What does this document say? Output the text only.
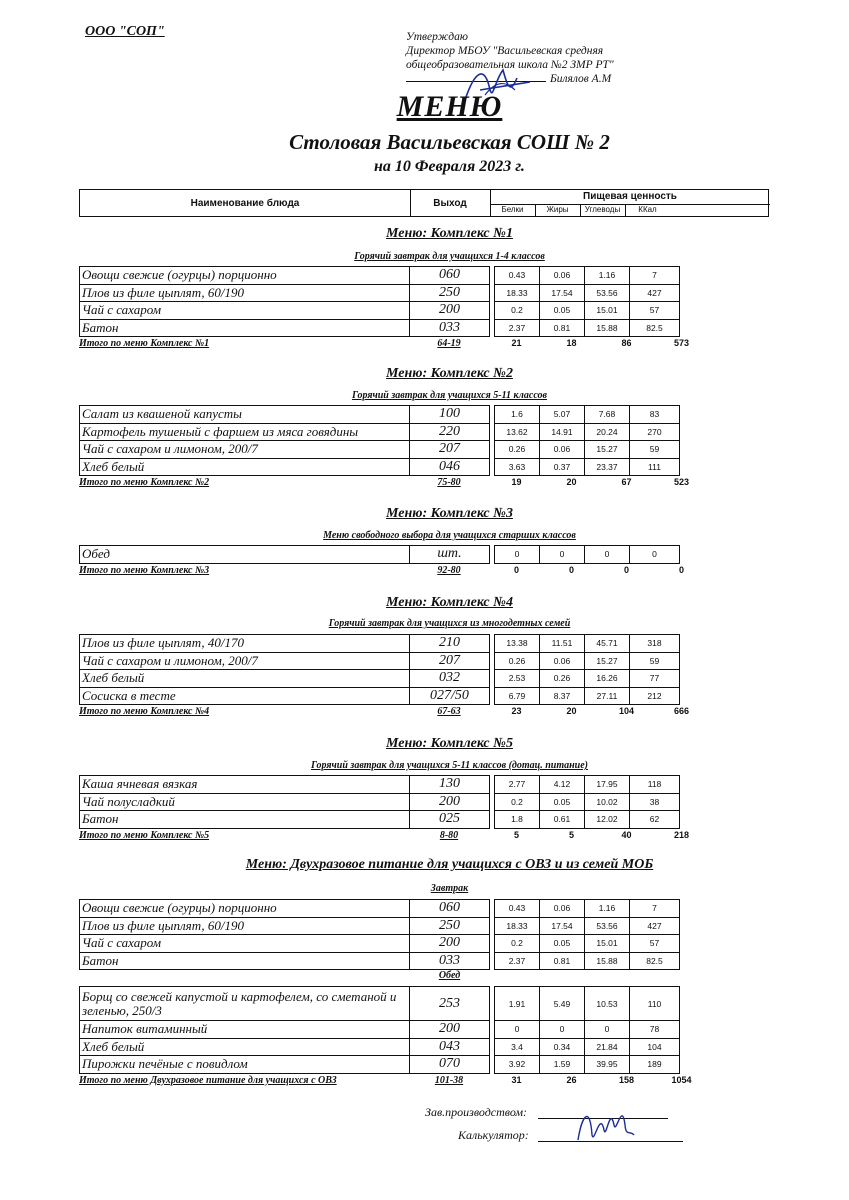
ООО "СОП"	Утверждаю
Директор МБОУ "Васильевская средняя
общеобразовательная школа №2 ЗМР РТ"
Билялов А.М
МЕНЮ
Столовая Васильевская СОШ № 2
на 10 Февраля 2023 г.
Наименование блюда	Выход
Пищевая ценность
Белки	Жиры	Углеводы	ККал
Меню: Комплекс №1
Горячий завтрак для учащихся 1-4 классов
Овощи свежие (огурцы) порционно	060		0.43	0.06	1.16	7
Плов из филе цыплят, 60/190	250		18.33	17.54	53.56	427
Чай с сахаром	200		0.2	0.05	15.01	57
Батон	033		2.37	0.81	15.88	82.5
Итого по меню Комплекс №1	64-19	21	18	86	573
Меню: Комплекс №2
Горячий завтрак для учащихся 5-11 классов
Салат из квашеной капусты	100		1.6	5.07	7.68	83
Картофель тушеный с фаршем из мяса говядины	220		13.62	14.91	20.24	270
Чай с сахаром и лимоном, 200/7	207		0.26	0.06	15.27	59
Хлеб белый	046		3.63	0.37	23.37	111
Итого по меню Комплекс №2	75-80	19	20	67	523
Меню: Комплекс №3
Меню свободного выбора для учащихся старших классов
Обед	шт.		0	0	0	0
Итого по меню Комплекс №3	92-80	0	0	0	0
Меню: Комплекс №4
Горячий завтрак для учащихся из многодетных семей
Плов из филе цыплят, 40/170	210		13.38	11.51	45.71	318
Чай с сахаром и лимоном, 200/7	207		0.26	0.06	15.27	59
Хлеб белый	032		2.53	0.26	16.26	77
Сосиска в тесте	027/50		6.79	8.37	27.11	212
Итого по меню Комплекс №4	67-63	23	20	104	666
Меню: Комплекс №5
Горячий завтрак для учащихся 5-11 классов (дотац. питание)
Каша ячневая вязкая	130		2.77	4.12	17.95	118
Чай полусладкий	200		0.2	0.05	10.02	38
Батон	025		1.8	0.61	12.02	62
Итого по меню Комплекс №5	8-80	5	5	40	218
Меню: Двухразовое питание для учащихся с ОВЗ и из семей МОБ
Завтрак
Овощи свежие (огурцы) порционно	060		0.43	0.06	1.16	7
Плов из филе цыплят, 60/190	250		18.33	17.54	53.56	427
Чай с сахаром	200		0.2	0.05	15.01	57
Батон	033		2.37	0.81	15.88	82.5
Обед
Борщ со свежей капустой и картофелем, со сметаной и зеленью, 250/3	253		1.91	5.49	10.53	110
Напиток витаминный	200		0	0	0	78
Хлеб белый	043		3.4	0.34	21.84	104
Пирожки печёные с повидлом	070		3.92	1.59	39.95	189
Итого по меню Двухразовое питание для учащихся с ОВЗ	101-38	31	26	158	1054
Зав.производством:
Калькулятор:
